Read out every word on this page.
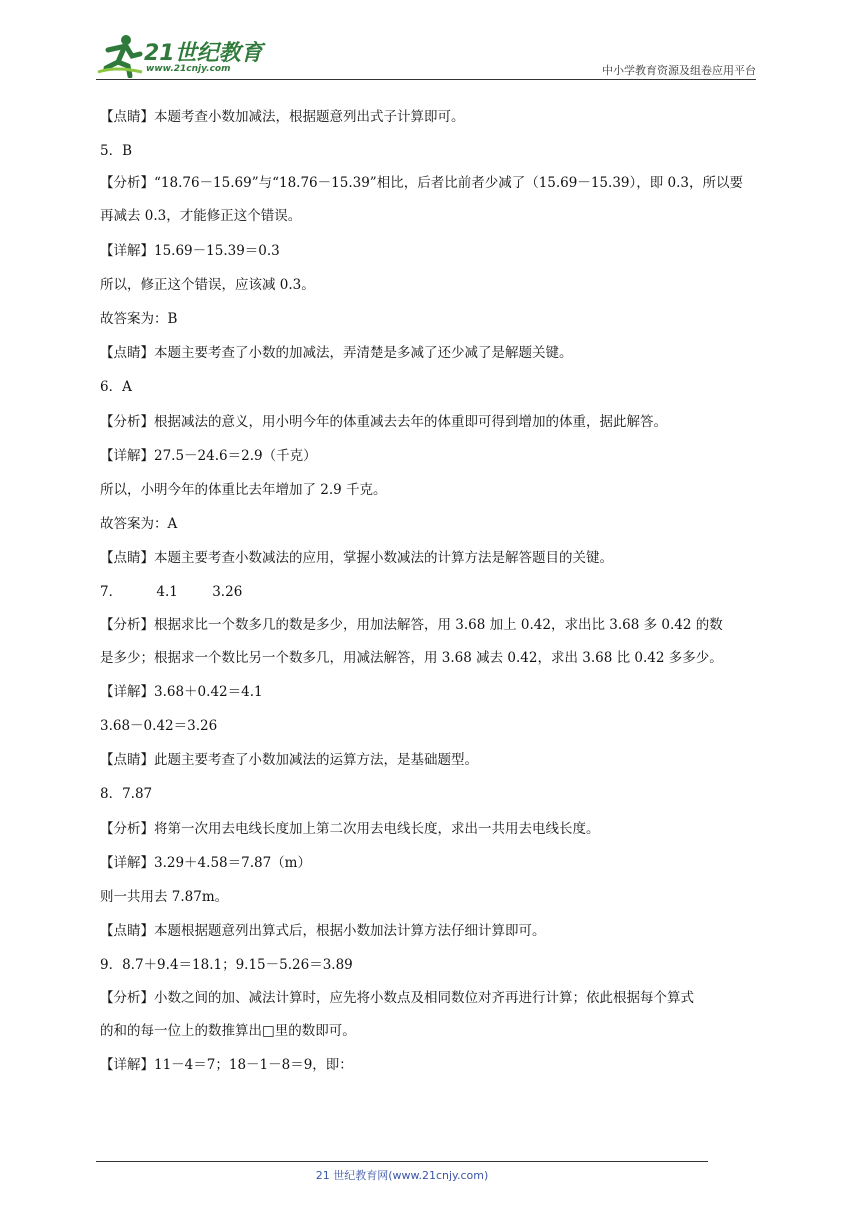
21世纪教育
www.21cnjy.com	中小学教育资源及组卷应用平台
【点睛】本题考查小数加减法，根据题意列出式子计算即可。
5．B
【分析】“18.76－15.69”与“18.76－15.39”相比，后者比前者少减了（15.69－15.39），即 0.3，所以要
再减去 0.3，才能修正这个错误。
【详解】15.69－15.39＝0.3
所以，修正这个错误，应该减 0.3。
故答案为：B
【点睛】本题主要考查了小数的加减法，弄清楚是多减了还少减了是解题关键。
6．A
【分析】根据减法的意义，用小明今年的体重减去去年的体重即可得到增加的体重，据此解答。
【详解】27.5－24.6＝2.9（千克）
所以，小明今年的体重比去年增加了 2.9 千克。
故答案为：A
【点睛】本题主要考查小数减法的应用，掌握小数减法的计算方法是解答题目的关键。
7．        4.1        3.26
【分析】根据求比一个数多几的数是多少，用加法解答，用 3.68 加上 0.42，求出比 3.68 多 0.42 的数
是多少；根据求一个数比另一个数多几，用减法解答，用 3.68 减去 0.42，求出 3.68 比 0.42 多多少。
【详解】3.68＋0.42＝4.1
3.68－0.42＝3.26
【点睛】此题主要考查了小数加减法的运算方法，是基础题型。
8．7.87
【分析】将第一次用去电线长度加上第二次用去电线长度，求出一共用去电线长度。
【详解】3.29＋4.58＝7.87（m）
则一共用去 7.87m。
【点睛】本题根据题意列出算式后，根据小数加法计算方法仔细计算即可。
9．8.7＋9.4＝18.1；9.15－5.26＝3.89
【分析】小数之间的加、减法计算时，应先将小数点及相同数位对齐再进行计算；依此根据每个算式
的和的每一位上的数推算出□里的数即可。
【详解】11－4＝7；18－1－8＝9，即：
21 世纪教育网(www.21cnjy.com)
